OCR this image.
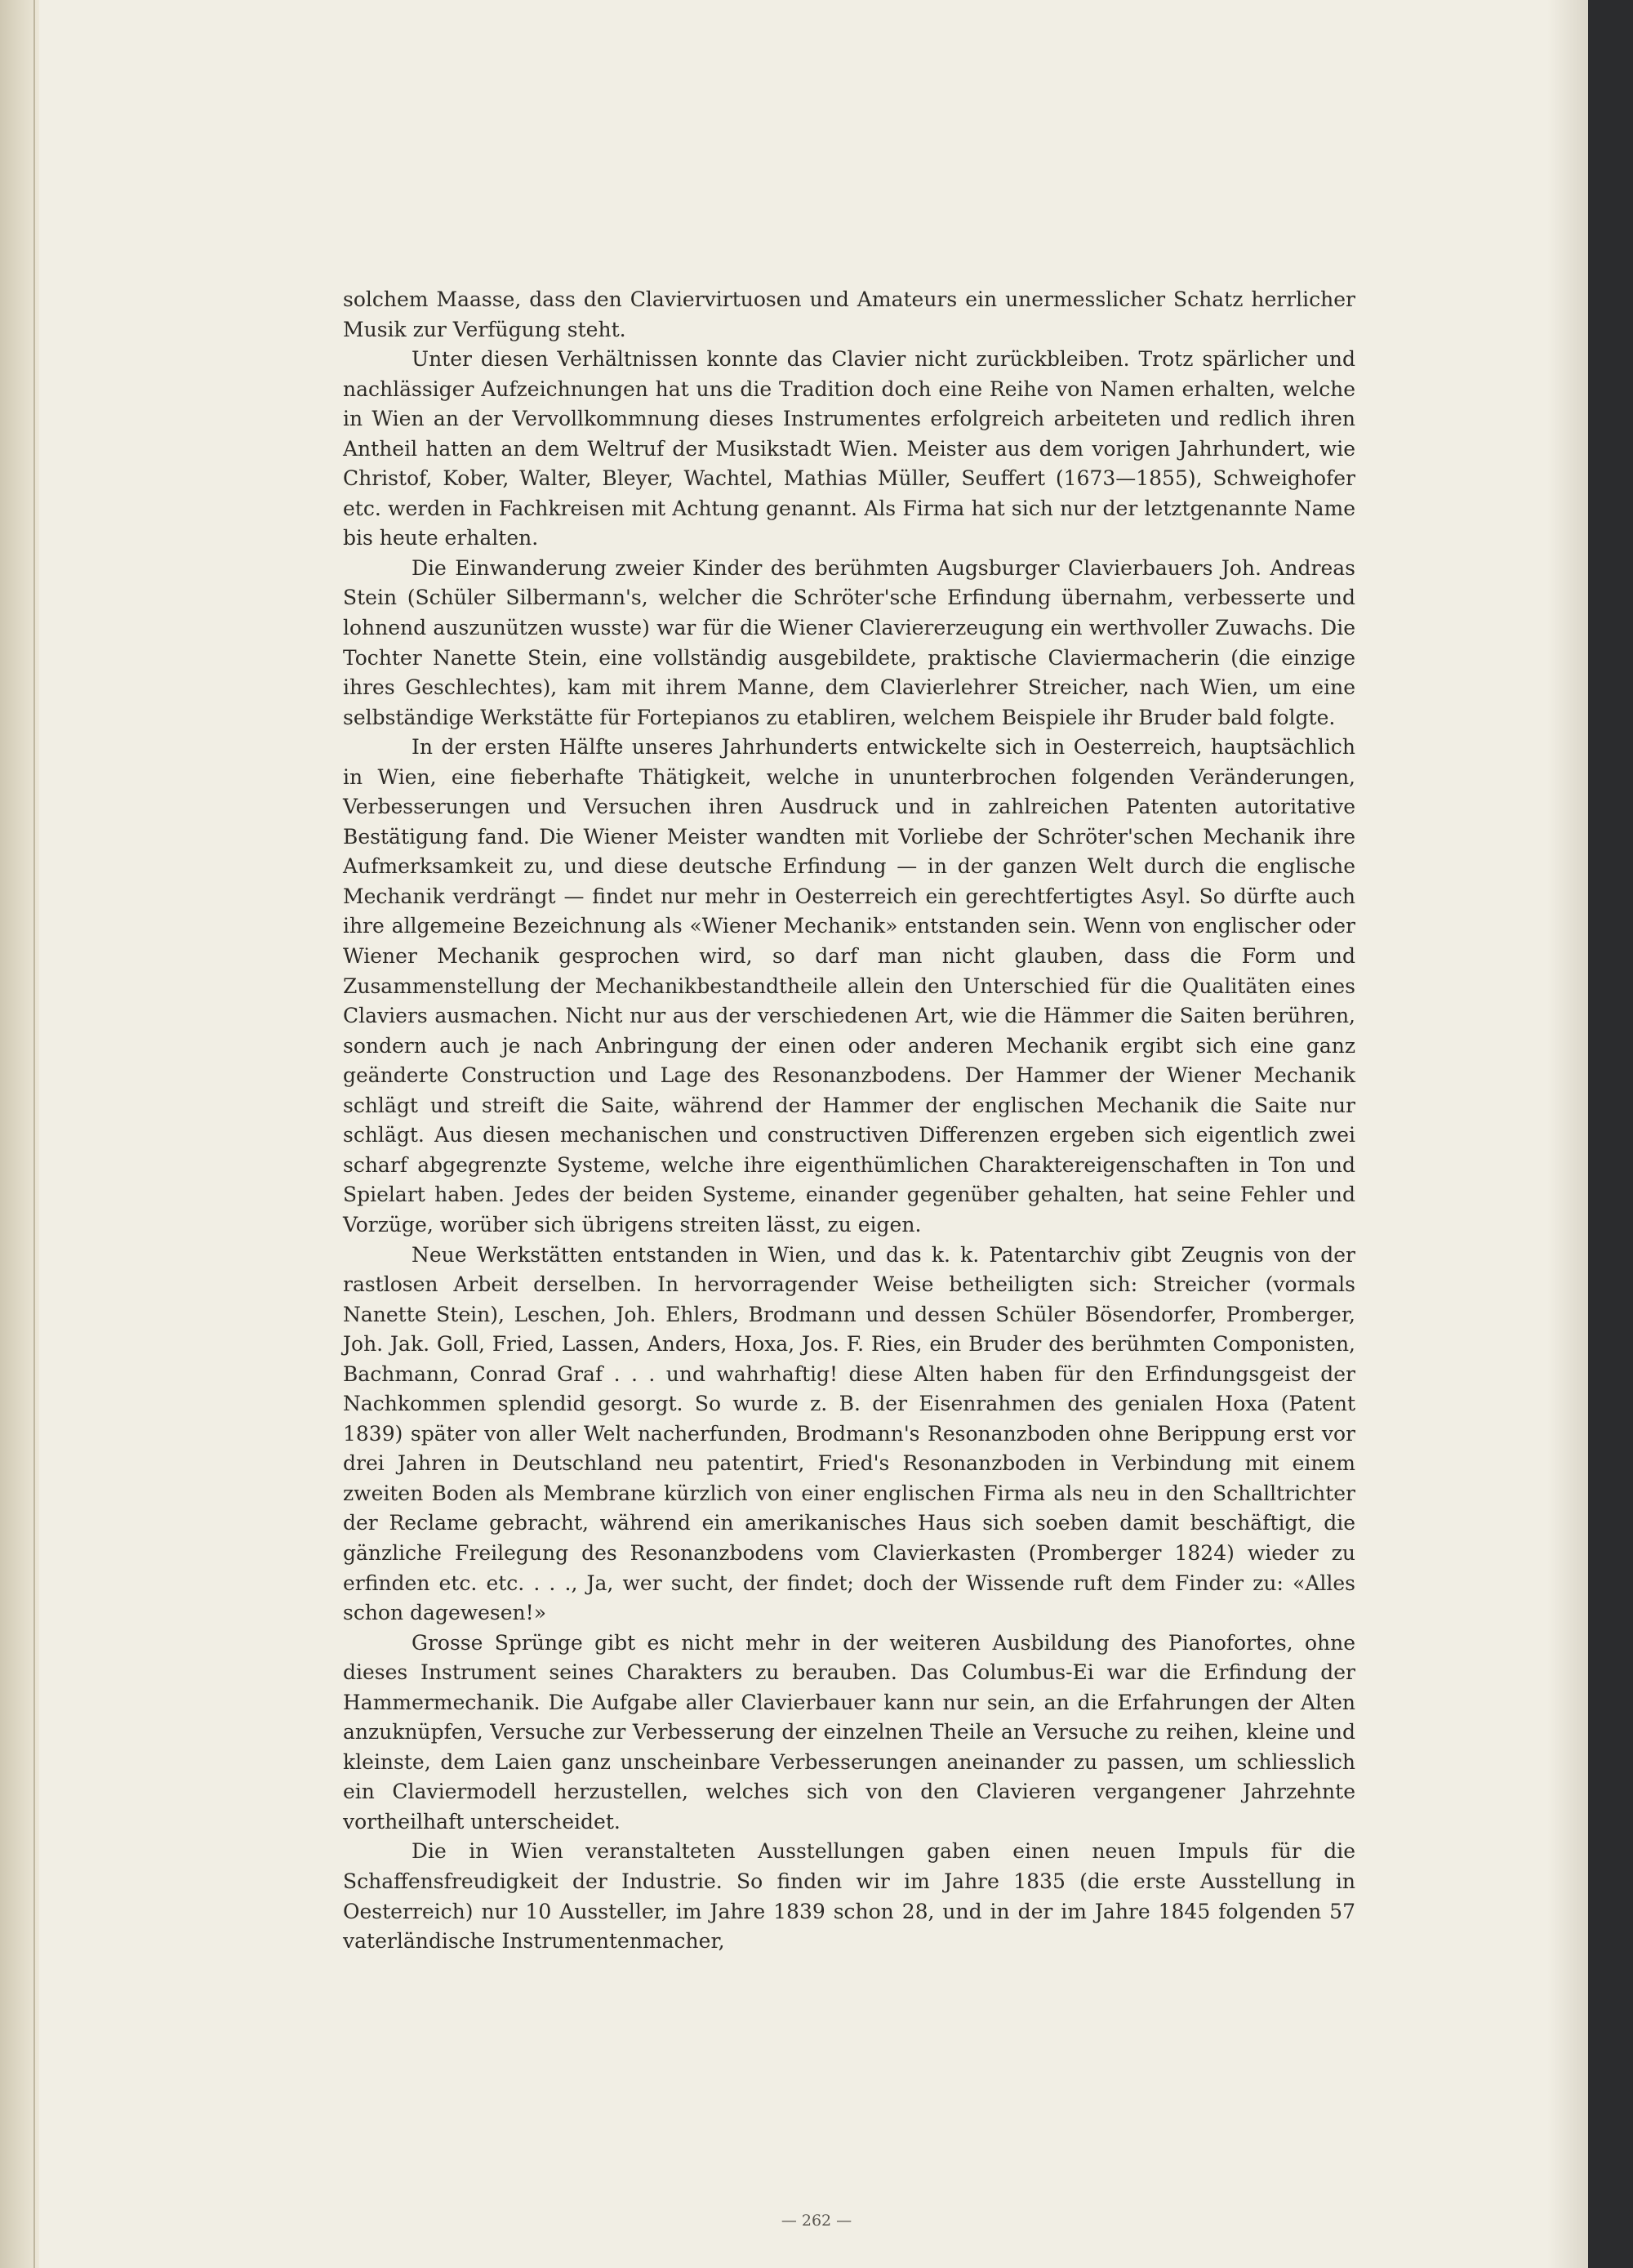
solchem Maasse, dass den Claviervirtuosen und Amateurs ein unermesslicher Schatz herrlicher Musik zur Verfügung steht.

Unter diesen Verhältnissen konnte das Clavier nicht zurückbleiben. Trotz spärlicher und nachlässiger Aufzeichnungen hat uns die Tradition doch eine Reihe von Namen erhalten, welche in Wien an der Vervollkommnung dieses Instrumentes erfolgreich arbeiteten und redlich ihren Antheil hatten an dem Weltruf der Musikstadt Wien. Meister aus dem vorigen Jahrhundert, wie Christof, Kober, Walter, Bleyer, Wachtel, Mathias Müller, Seuffert (1673—1855), Schweighofer etc. werden in Fachkreisen mit Achtung genannt. Als Firma hat sich nur der letztgenannte Name bis heute erhalten.

Die Einwanderung zweier Kinder des berühmten Augsburger Clavierbauers Joh. Andreas Stein (Schüler Silbermann's, welcher die Schröter'sche Erfindung übernahm, verbesserte und lohnend auszunützen wusste) war für die Wiener Claviererzeugung ein werthvoller Zuwachs. Die Tochter Nanette Stein, eine vollständig ausgebildete, praktische Claviermacherin (die einzige ihres Geschlechtes), kam mit ihrem Manne, dem Clavierlehrer Streicher, nach Wien, um eine selbständige Werkstätte für Fortepianos zu etabliren, welchem Beispiele ihr Bruder bald folgte.

In der ersten Hälfte unseres Jahrhunderts entwickelte sich in Oesterreich, hauptsächlich in Wien, eine fieberhafte Thätigkeit, welche in ununterbrochen folgenden Veränderungen, Verbesserungen und Versuchen ihren Ausdruck und in zahlreichen Patenten autoritative Bestätigung fand. Die Wiener Meister wandten mit Vorliebe der Schröter'schen Mechanik ihre Aufmerksamkeit zu, und diese deutsche Erfindung — in der ganzen Welt durch die englische Mechanik verdrängt — findet nur mehr in Oesterreich ein gerechtfertigtes Asyl. So dürfte auch ihre allgemeine Bezeichnung als «Wiener Mechanik» entstanden sein. Wenn von englischer oder Wiener Mechanik gesprochen wird, so darf man nicht glauben, dass die Form und Zusammenstellung der Mechanikbestandtheile allein den Unterschied für die Qualitäten eines Claviers ausmachen. Nicht nur aus der verschiedenen Art, wie die Hämmer die Saiten berühren, sondern auch je nach Anbringung der einen oder anderen Mechanik ergibt sich eine ganz geänderte Construction und Lage des Resonanzbodens. Der Hammer der Wiener Mechanik schlägt und streift die Saite, während der Hammer der englischen Mechanik die Saite nur schlägt. Aus diesen mechanischen und constructiven Differenzen ergeben sich eigentlich zwei scharf abgegrenzte Systeme, welche ihre eigenthümlichen Charaktereigenschaften in Ton und Spielart haben. Jedes der beiden Systeme, einander gegenüber gehalten, hat seine Fehler und Vorzüge, worüber sich übrigens streiten lässt, zu eigen.

Neue Werkstätten entstanden in Wien, und das k. k. Patentarchiv gibt Zeugnis von der rastlosen Arbeit derselben. In hervorragender Weise betheiligten sich: Streicher (vormals Nanette Stein), Leschen, Joh. Ehlers, Brodmann und dessen Schüler Bösendorfer, Promberger, Joh. Jak. Goll, Fried, Lassen, Anders, Hoxa, Jos. F. Ries, ein Bruder des berühmten Componisten, Bachmann, Conrad Graf . . . und wahrhaftig! diese Alten haben für den Erfindungsgeist der Nachkommen splendid gesorgt. So wurde z. B. der Eisenrahmen des genialen Hoxa (Patent 1839) später von aller Welt nacherfunden, Brodmann's Resonanzboden ohne Berippung erst vor drei Jahren in Deutschland neu patentirt, Fried's Resonanzboden in Verbindung mit einem zweiten Boden als Membrane kürzlich von einer englischen Firma als neu in den Schalltrichter der Reclame gebracht, während ein amerikanisches Haus sich soeben damit beschäftigt, die gänzliche Freilegung des Resonanzbodens vom Clavierkasten (Promberger 1824) wieder zu erfinden etc. etc. . . ., Ja, wer sucht, der findet; doch der Wissende ruft dem Finder zu: «Alles schon dagewesen!»

Grosse Sprünge gibt es nicht mehr in der weiteren Ausbildung des Pianofortes, ohne dieses Instrument seines Charakters zu berauben. Das Columbus-Ei war die Erfindung der Hammermechanik. Die Aufgabe aller Clavierbauer kann nur sein, an die Erfahrungen der Alten anzuknüpfen, Versuche zur Verbesserung der einzelnen Theile an Versuche zu reihen, kleine und kleinste, dem Laien ganz unscheinbare Verbesserungen aneinander zu passen, um schliesslich ein Claviermodell herzustellen, welches sich von den Clavieren vergangener Jahrzehnte vortheilhaft unterscheidet.

Die in Wien veranstalteten Ausstellungen gaben einen neuen Impuls für die Schaffensfreudigkeit der Industrie. So finden wir im Jahre 1835 (die erste Ausstellung in Oesterreich) nur 10 Aussteller, im Jahre 1839 schon 28, und in der im Jahre 1845 folgenden 57 vaterländische Instrumentenmacher,

— 262 —
